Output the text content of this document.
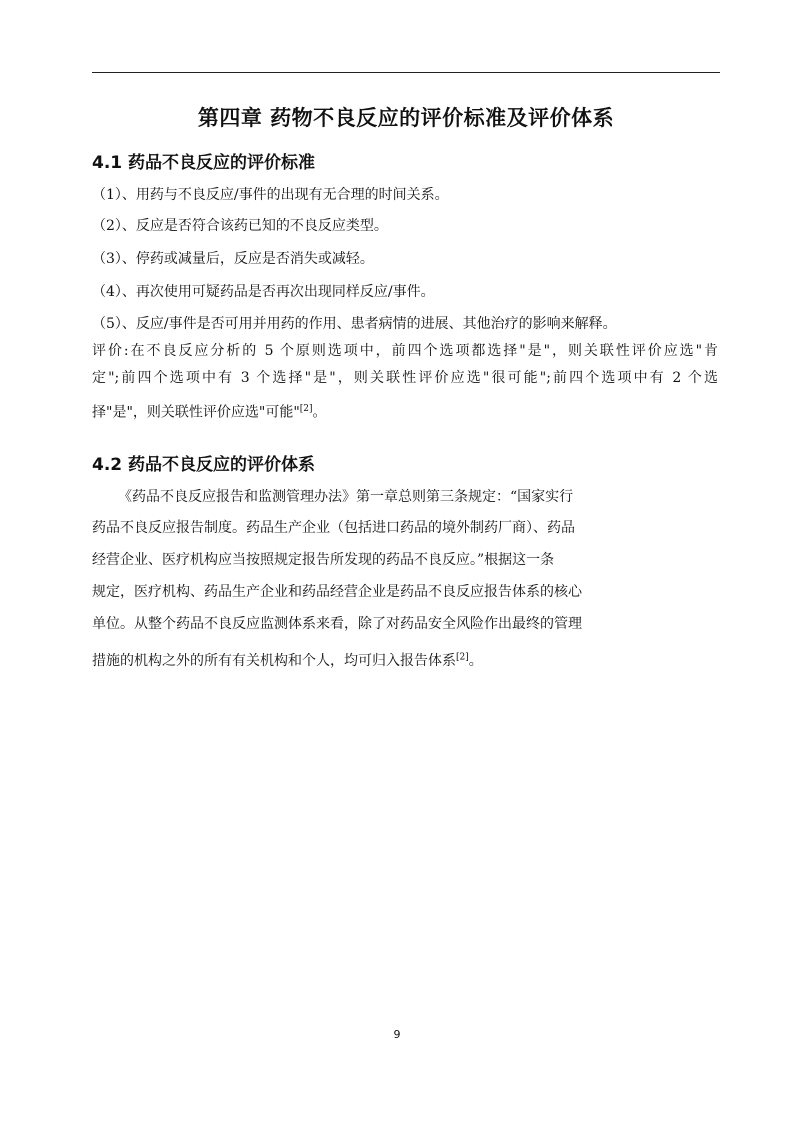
第四章 药物不良反应的评价标准及评价体系
4.1 药品不良反应的评价标准

（1）、用药与不良反应/事件的出现有无合理的时间关系。

（2）、反应是否符合该药已知的不良反应类型。

（3）、停药或减量后，反应是否消失或减轻。

（4）、再次使用可疑药品是否再次出现同样反应/事件。

（5）、反应/事件是否可用并用药的作用、患者病情的进展、其他治疗的影响来解释。

评价:在不良反应分析的 5 个原则选项中，前四个选项都选择"是"，则关联性评价应选"肯
定";前四个选项中有 3 个选择"是"，则关联性评价应选"很可能";前四个选项中有 2 个选
择"是"，则关联性评价应选"可能"[2]。
4.2 药品不良反应的评价体系

《药品不良反应报告和监测管理办法》第一章总则第三条规定：“国家实行

药品不良反应报告制度。药品生产企业（包括进口药品的境外制药厂商）、药品

经营企业、医疗机构应当按照规定报告所发现的药品不良反应。”根据这一条

规定，医疗机构、药品生产企业和药品经营企业是药品不良反应报告体系的核心

单位。从整个药品不良反应监测体系来看，除了对药品安全风险作出最终的管理

措施的机构之外的所有有关机构和个人，均可归入报告体系[2]。

9
